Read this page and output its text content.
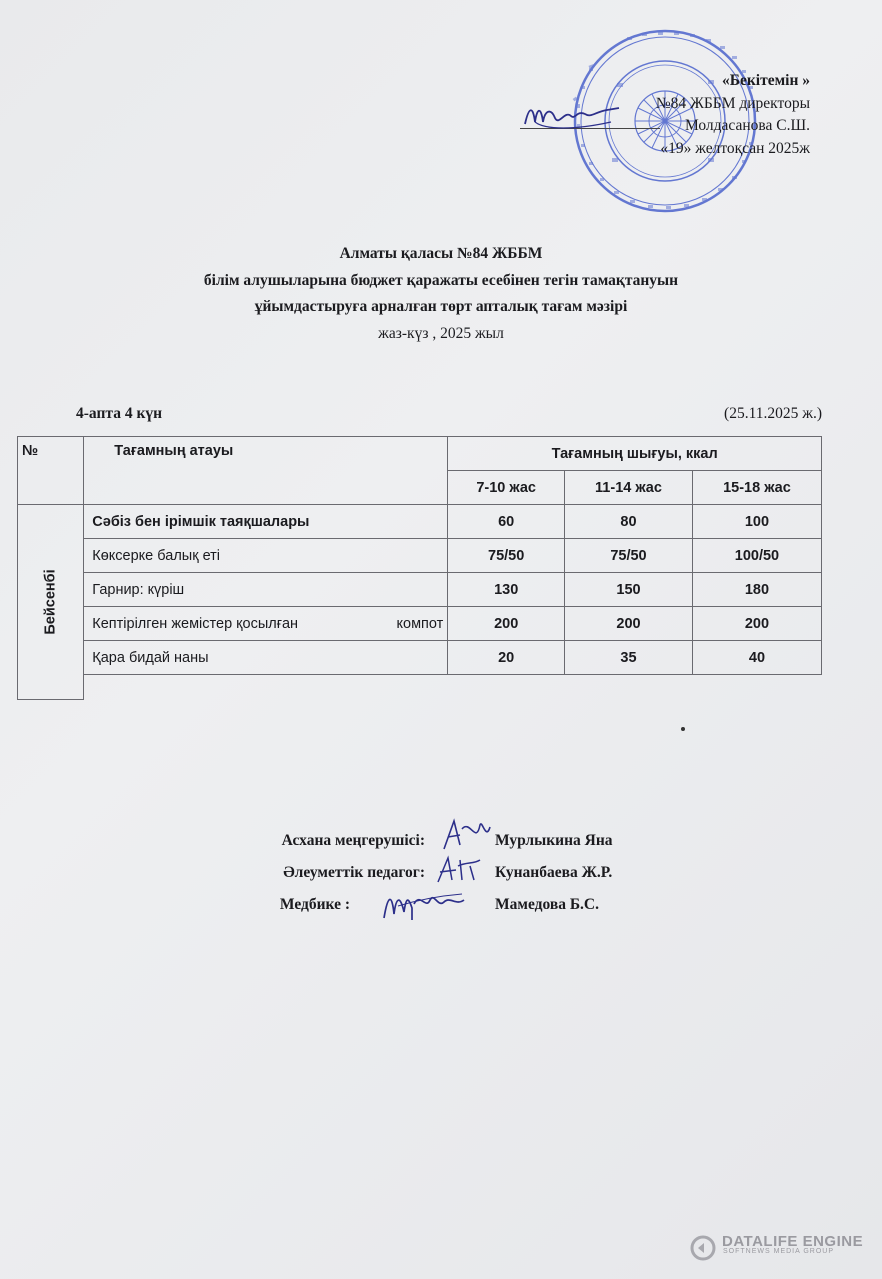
«Бекітемін »
№84 ЖББМ директоры
Молдасанова С.Ш.
«19» желтоқсан 2025ж
Алматы қаласы №84 ЖББМ
білім алушыларына бюджет қаражаты есебінен тегін тамақтануын
ұйымдастыруға арналған төрт апталық тағам мәзірі
жаз-күз , 2025 жыл
4-апта 4 күн	(25.11.2025 ж.)
№	Тағамның атауы	Тағамның шығуы, ккал		
		7-10 жас	11-14 жас	15-18 жас
Бейсенбі	Сәбіз бен ірімшік таяқшалары	60	80	100
	Көксерке балық еті	75/50	75/50	100/50
	Гарнир: күріш	130	150	180

	Кептірілген жемістер қосылған компот	200	200	200
	Қара бидай наны	20	35	40

Асхана меңгерушісі:	Мурлыкина Яна
Әлеуметтік педагог:	Кунанбаева Ж.Р.
Медбике :	Мамедова Б.С.
DATALIFE ENGINE
SOFTNEWS MEDIA GROUP
